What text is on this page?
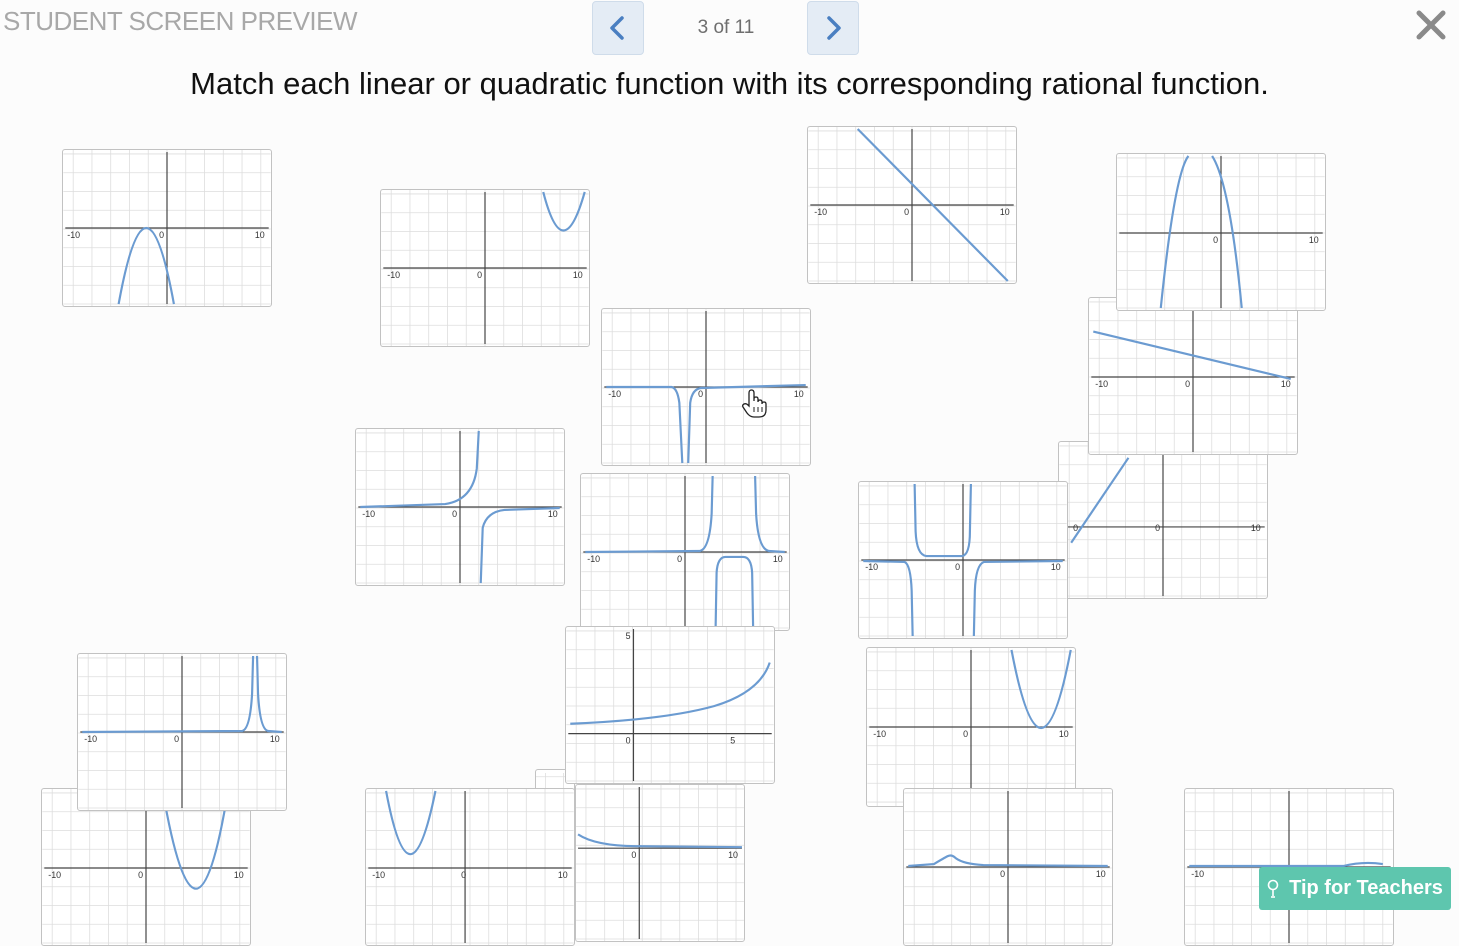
STUDENT SCREEN PREVIEW	3 of 11
Match each linear or quadratic function with its corresponding rational function.
0	0	10
-10	0	10
0	10
-10	0	10
-10	0	10
-10	0	10
-10	0	10
-10	0	10
-10	0	10
-10	0	10
5
0	5
0	10
-10	0	10
-10	0	10
-10	0	10
-10	0	10	0	10	-10
Tip for Teachers
